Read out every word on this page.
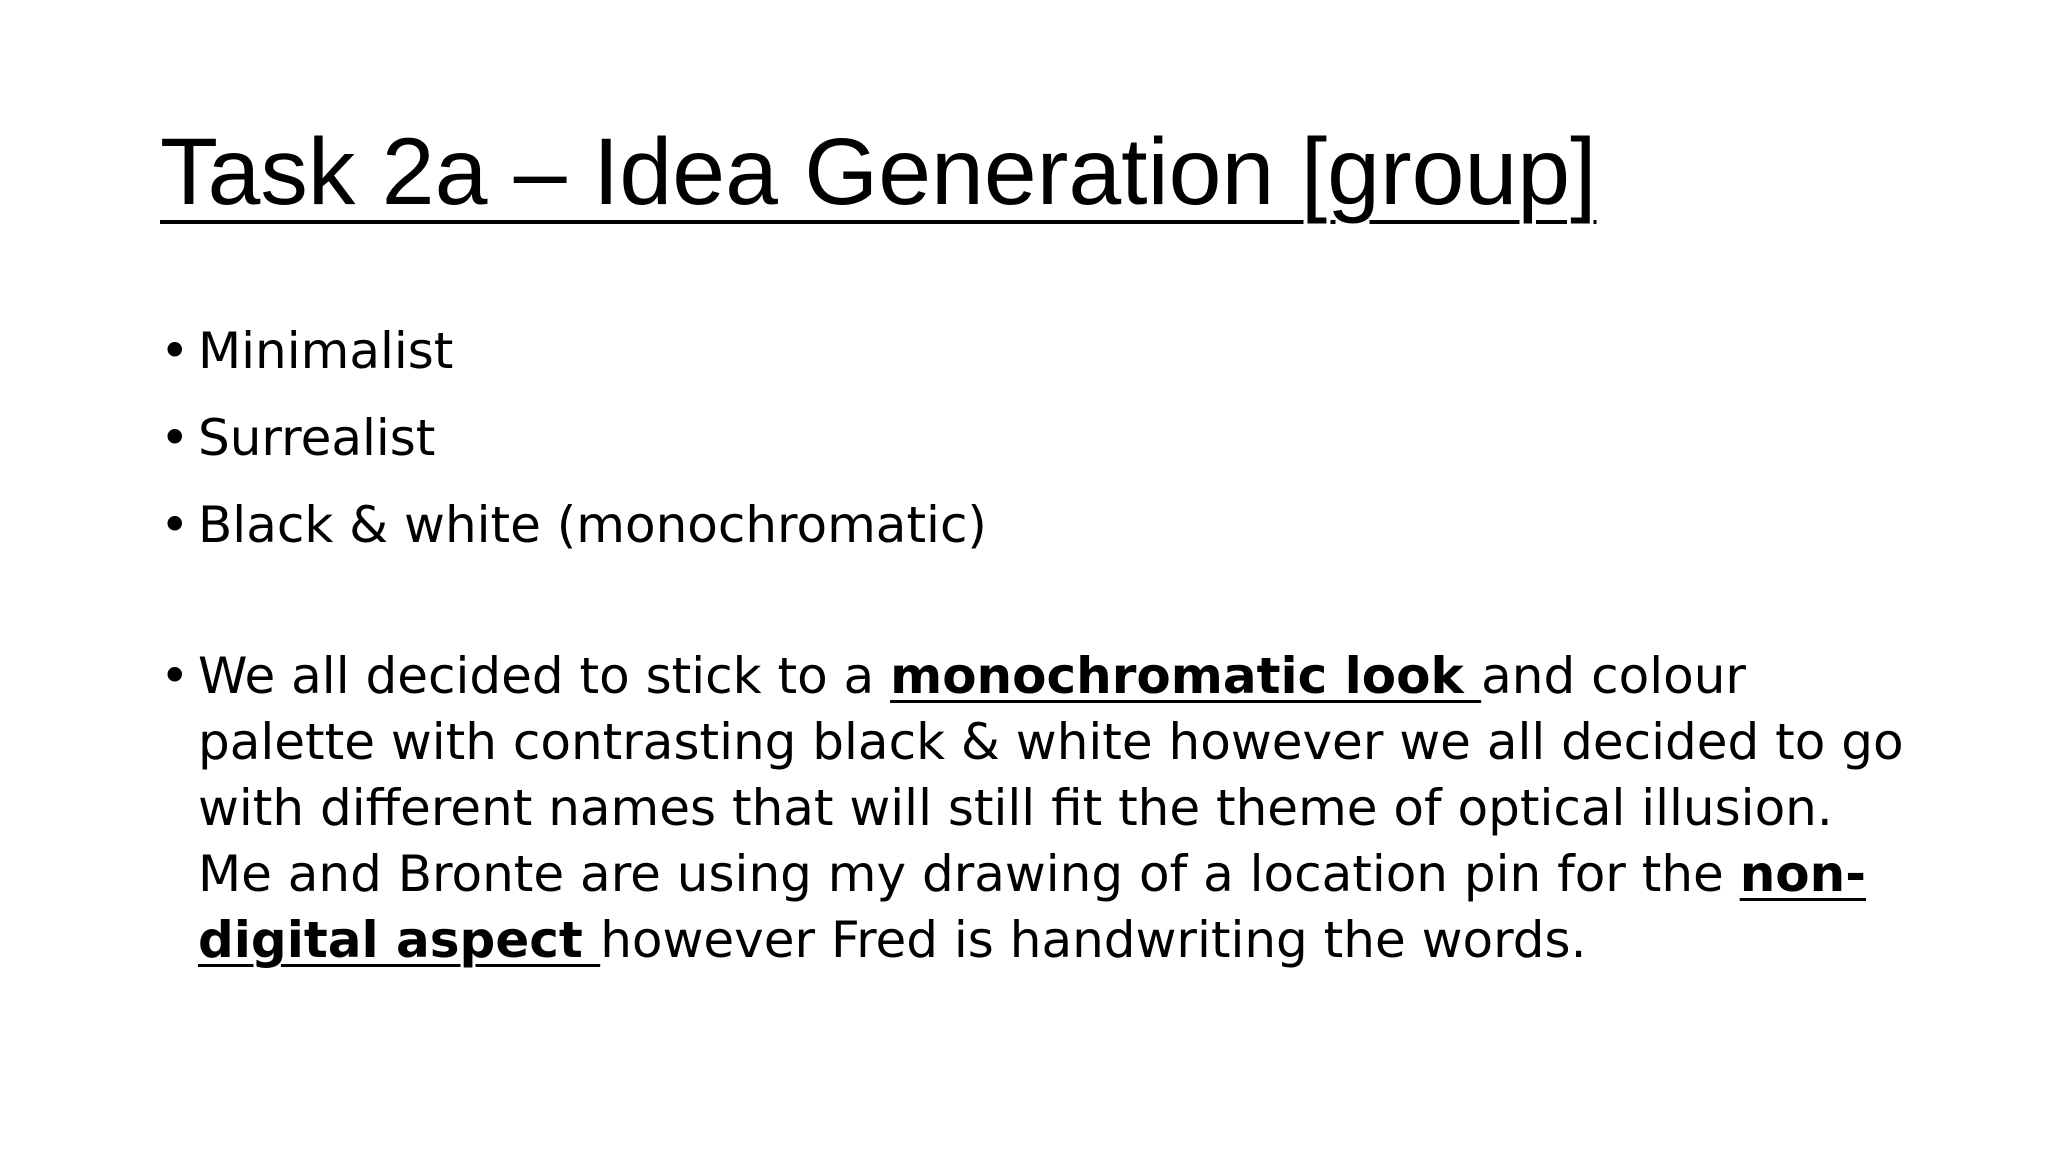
Task 2a – Idea Generation [group]
• Minimalist
• Surrealist
• Black & white (monochromatic)
• We all decided to stick to a monochromatic look and colour palette with contrasting black & white however we all decided to go with different names that will still fit the theme of optical illusion. Me and Bronte are using my drawing of a location pin for the non-digital aspect however Fred is handwriting the words.
